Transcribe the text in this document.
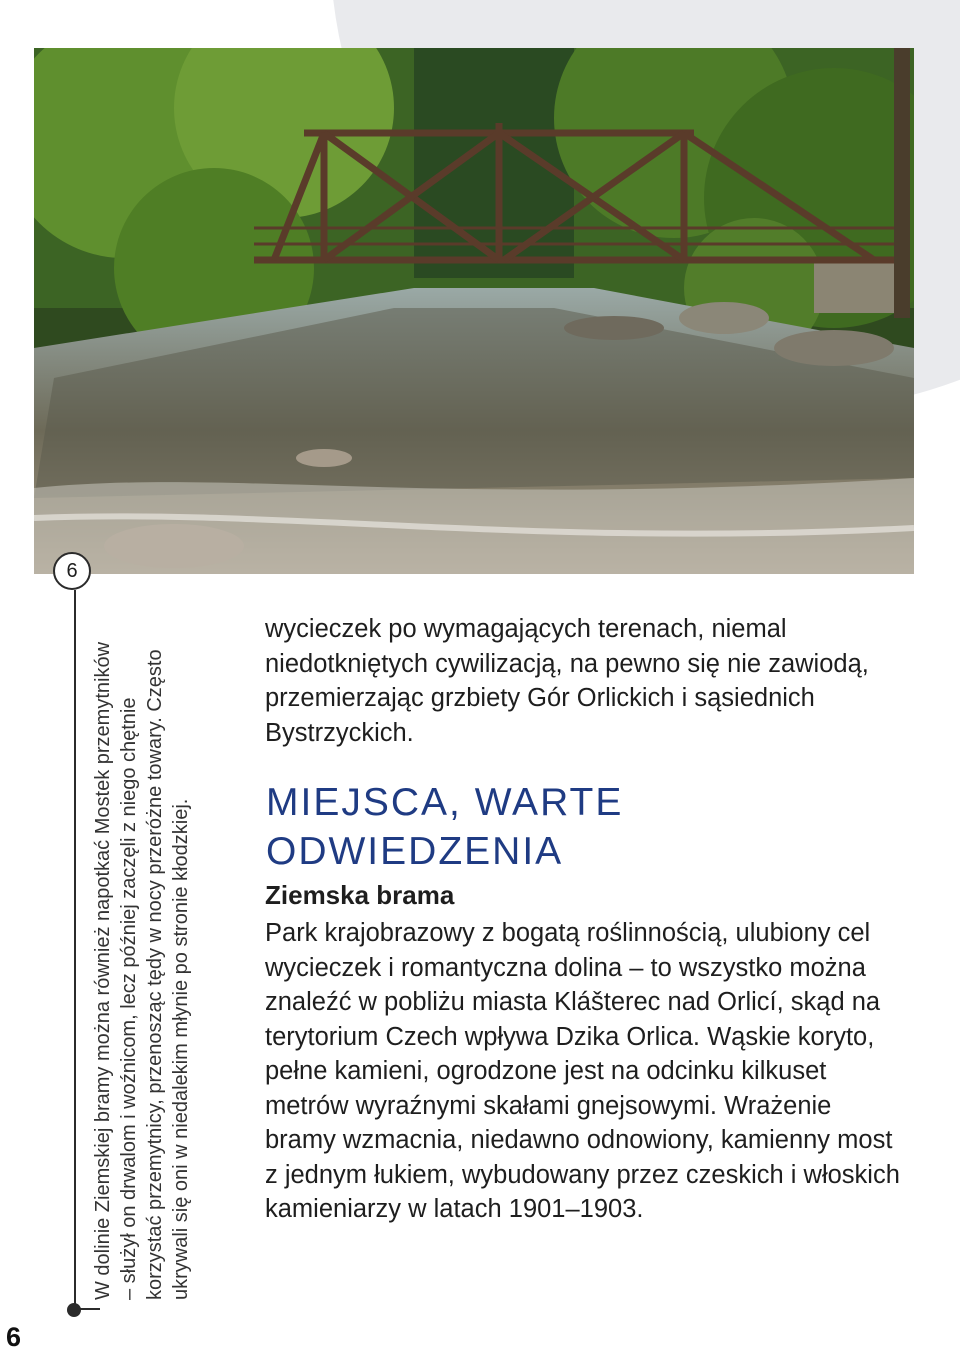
6
W dolinie Ziemskiej bramy można również napotkać Mostek przemytników – służył on drwalom i woźnicom, lecz później zaczęli z niego chętnie korzystać przemytnicy, przenosząc tędy w nocy przeróżne towary. Często ukrywali się oni w niedalekim młynie po stronie kłodzkiej.
6
wycieczek po wymagających terenach, niemal niedotkniętych cywilizacją, na pewno się nie zawiodą, przemierzając grzbiety Gór Orlickich i sąsiednich Bystrzyckich.
MIEJSCA, WARTE ODWIEDZENIA
Ziemska brama
Park krajobrazowy z bogatą roślinnością, ulubiony cel wycieczek i romantyczna dolina – to wszystko można znaleźć w pobliżu miasta Klášterec nad Orlicí, skąd na terytorium Czech wpływa Dzika Orlica. Wąskie koryto, pełne kamieni, ogrodzone jest na odcinku kilkuset metrów wyraźnymi skałami gnejsowymi. Wrażenie bramy wzmacnia, niedawno odnowiony, kamienny most z jednym łukiem, wybudowany przez czeskich i włoskich kamieniarzy w latach 1901–1903.
